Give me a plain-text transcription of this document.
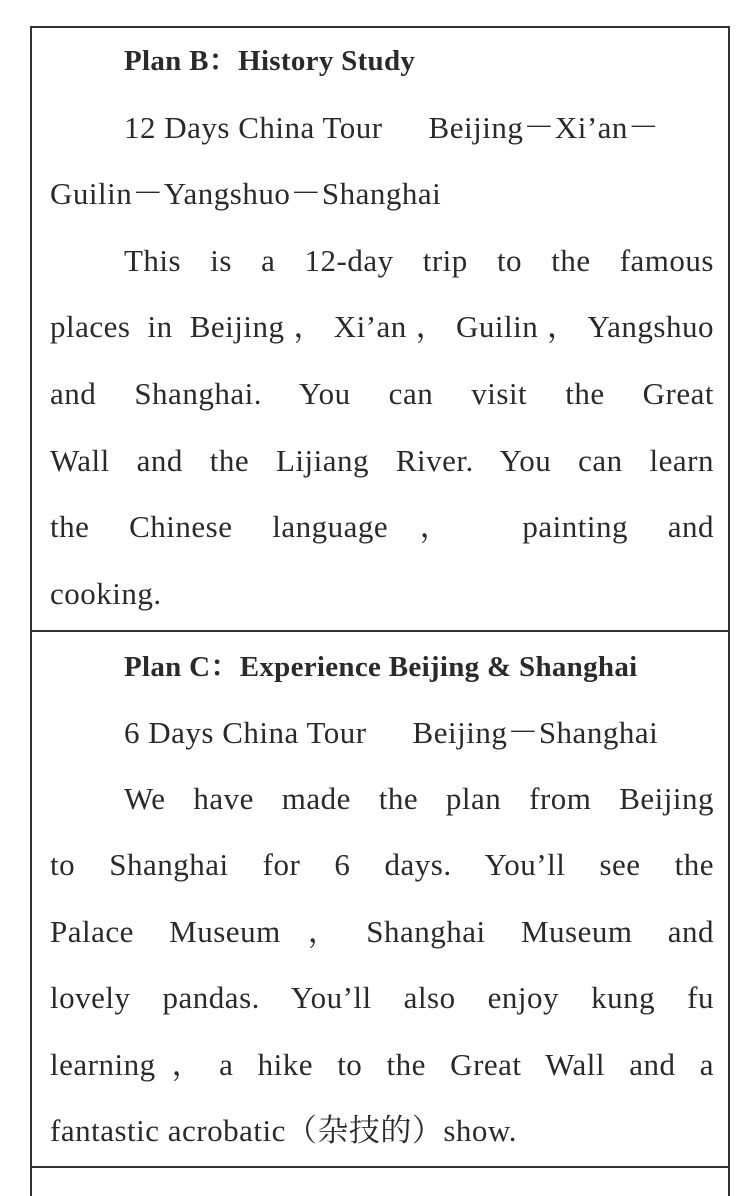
Plan B：History Study
12 Days China Tour Beijing－Xi’an－
Guilin－Yangshuo－Shanghai
This is a 12-day trip to the famous
places in Beijing，Xi’an，Guilin，Yangshuo
and Shanghai. You can visit the Great
Wall and the Lijiang River. You can learn
the Chinese language， painting and
cooking.
Plan C：Experience Beijing & Shanghai
6 Days China Tour Beijing－Shanghai
We have made the plan from Beijing
to Shanghai for 6 days. You’ll see the
Palace Museum，Shanghai Museum and
lovely pandas. You’ll also enjoy kung fu
learning，a hike to the Great Wall and a
fantastic acrobatic（杂技的）show.
